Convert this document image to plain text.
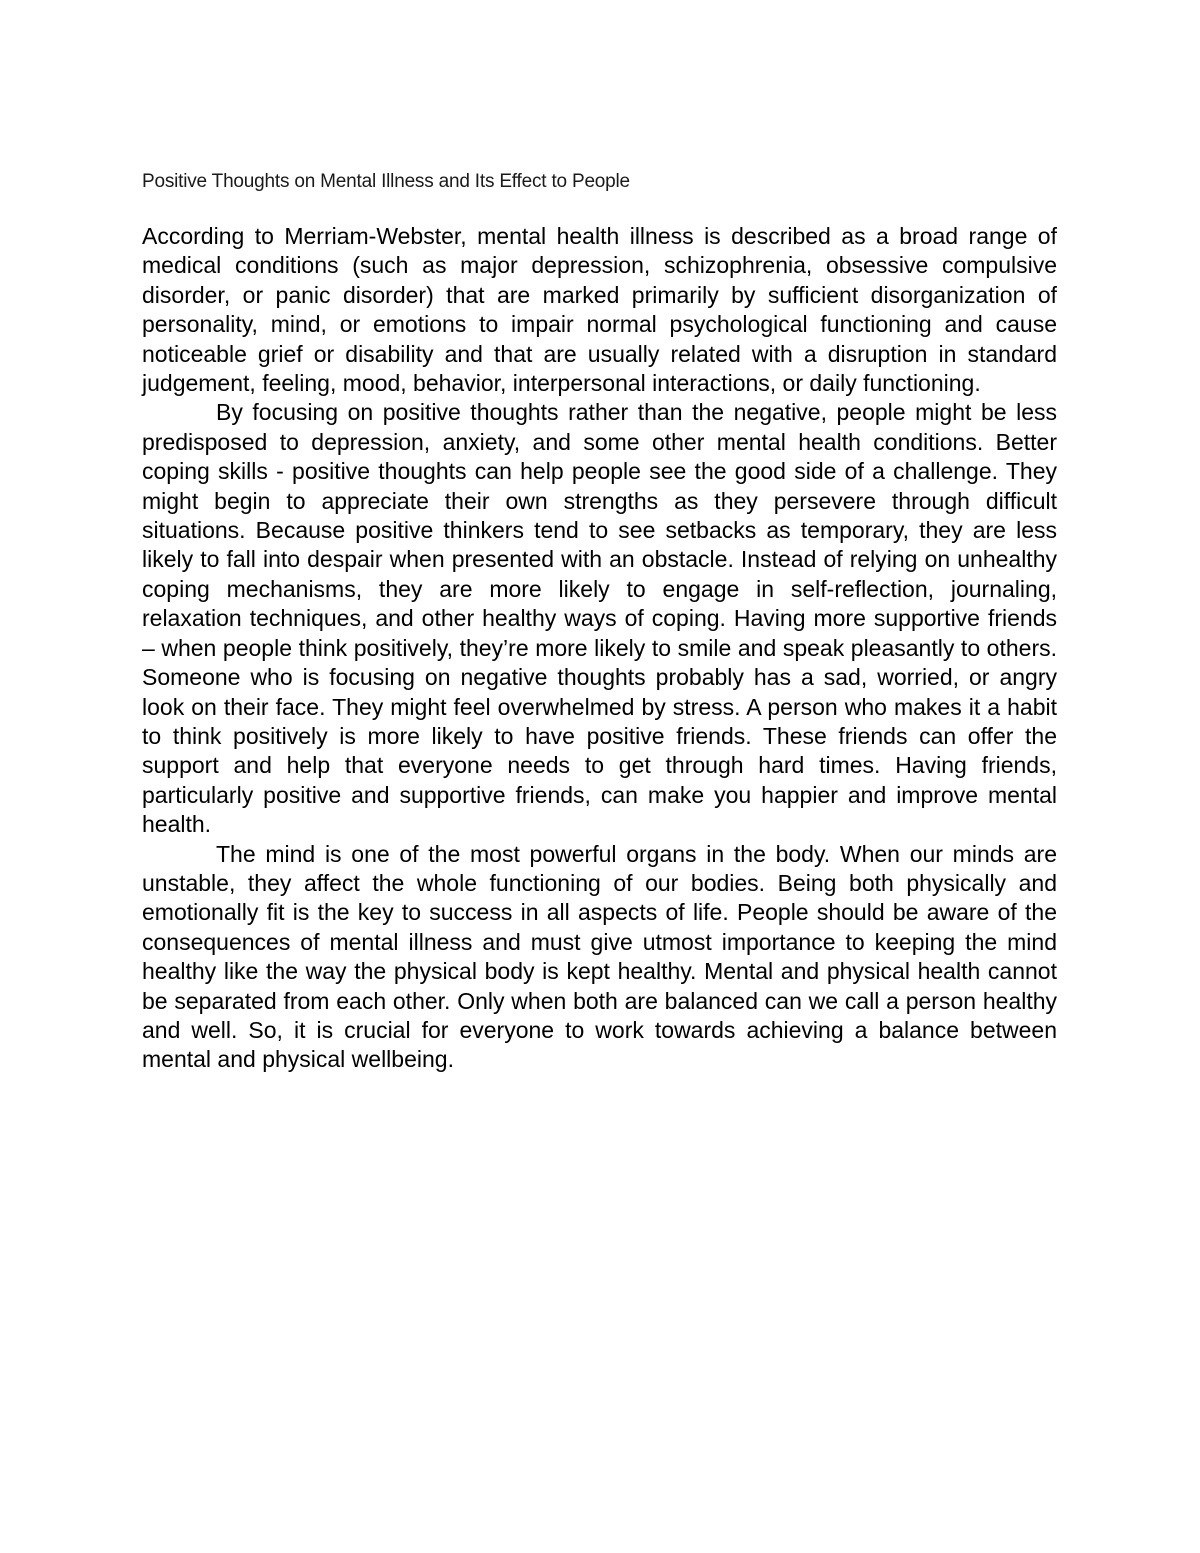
Positive Thoughts on Mental Illness and Its Effect to People

According to Merriam-Webster, mental health illness is described as a broad range of medical conditions (such as major depression, schizophrenia, obsessive compulsive disorder, or panic disorder) that are marked primarily by sufficient disorganization of personality, mind, or emotions to impair normal psychological functioning and cause noticeable grief or disability and that are usually related with a disruption in standard judgement, feeling, mood, behavior, interpersonal interactions, or daily functioning.

By focusing on positive thoughts rather than the negative, people might be less predisposed to depression, anxiety, and some other mental health conditions. Better coping skills - positive thoughts can help people see the good side of a challenge. They might begin to appreciate their own strengths as they persevere through difficult situations. Because positive thinkers tend to see setbacks as temporary, they are less likely to fall into despair when presented with an obstacle. Instead of relying on unhealthy coping mechanisms, they are more likely to engage in self-reflection, journaling, relaxation techniques, and other healthy ways of coping. Having more supportive friends – when people think positively, they’re more likely to smile and speak pleasantly to others. Someone who is focusing on negative thoughts probably has a sad, worried, or angry look on their face. They might feel overwhelmed by stress. A person who makes it a habit to think positively is more likely to have positive friends. These friends can offer the support and help that everyone needs to get through hard times. Having friends, particularly positive and supportive friends, can make you happier and improve mental health.

The mind is one of the most powerful organs in the body. When our minds are unstable, they affect the whole functioning of our bodies. Being both physically and emotionally fit is the key to success in all aspects of life. People should be aware of the consequences of mental illness and must give utmost importance to keeping the mind healthy like the way the physical body is kept healthy. Mental and physical health cannot be separated from each other. Only when both are balanced can we call a person healthy and well. So, it is crucial for everyone to work towards achieving a balance between mental and physical wellbeing.
